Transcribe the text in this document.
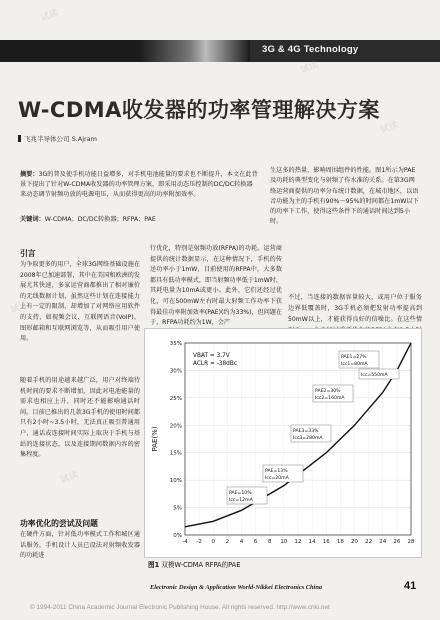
3G & 4G Technology
W-CDMA收发器的功率管理解决方案
飞兆半导体公司 S.Ajram
摘要：3G的普及使手机功能日益增多，对手机电池能量的要求也不断提升，本文在此背景下提出了针对W-CDMA收发器的功率管理方案，即采用动态压控制的DC/DC转换器来动态调节射频功放的电源电压，从而获得更高的功率附加效率。
关键词：W-CDMA；DC/DC转换器；RFPA；PAE
生这多的热量，影响周围组件的性能。图1所示为PAE及功耗的典型变化与射频了作水准的关系。在第3G网络运营商提供的功率分布统计数据，在城市地区，以语音功能为主的手机有90%～95%的时间都在1mW以下的功率下工作，使得这些条件下的通话时间达到5小时。
引言
为争取更多的用户，全球3G网络基础设施在2008年已加速部署，其中在美国和欧洲的发展尤其快速，多家运营商都推出了相对廉价的无线数据计划，虽然这些计划在连接能力上有一定的限制，却增加了对网络应用软件的支持，如视频会议、互联网语音(VoIP)、图形邮箱和互联网浏览等，从而吸引用户使用。
随着手机的用途越来越广泛，用户对终端待机时间的要求不断增加，因此对电池能量的需求也相应上升，同时还不能影响通话时间。目前已推出的几款3G手机的使用时间都只有2小时~3.5小时，无法真正吸引普通用户，通话或连接时间实际上取决于手机与基站的连接状态，以及连接期间数据内容的密集程度。
功率优化的尝试及问题
在硬件方面，针对低功率模式工作和城区通话服务，手机设计人员已设法对射频收发器的功耗进
行优化，特别是射频功放(RFPA)的功耗。运营商提供的统计数据显示，在这种情况下，手机的传送功率小于1mW，目前使用的RFPA中，大多数都具有低功率模式，即当射频功率低于1mW时，其耗电量为10mA或更小。此外，它们还经过优化，可在500mW左右时最大射频工作功率下获得最佳功率附加效率(PAE)(约为33%)，但问题在于，RFPA功耗约为1W，会产
不过，当连接的数据容量较大，或用户位于服务边界低覆盖时，3G手机必须把发射功率提高到50mW以上，才能获得良好的信噪比。在这些情
0%
5%
10%
15%
20%
25%
30%
35%
-4 -2 0 2 4 6 8 10 12 14 16 18 20 22 24 26 28
PAE(%)
VBAT = 3.7V
ACLR = -38dBc
PAE1=27%
Icc1=80mA
PAE2=30%
Icc2=160mA
PAE3=33%
Icc3=280mA
Icc=550mA
PAE=13%
Icc=20mA
PAE=10%
Icc=12mA
图1 双模W-CDMA RFPA的PAE
Electronic Design & Application World-Nikkei Electronics China	41
© 1994-2011 China Academic Journal Electronic Publishing House. All rights reserved. http://www.cnki.net
试读
试读
试读
试读
试读
